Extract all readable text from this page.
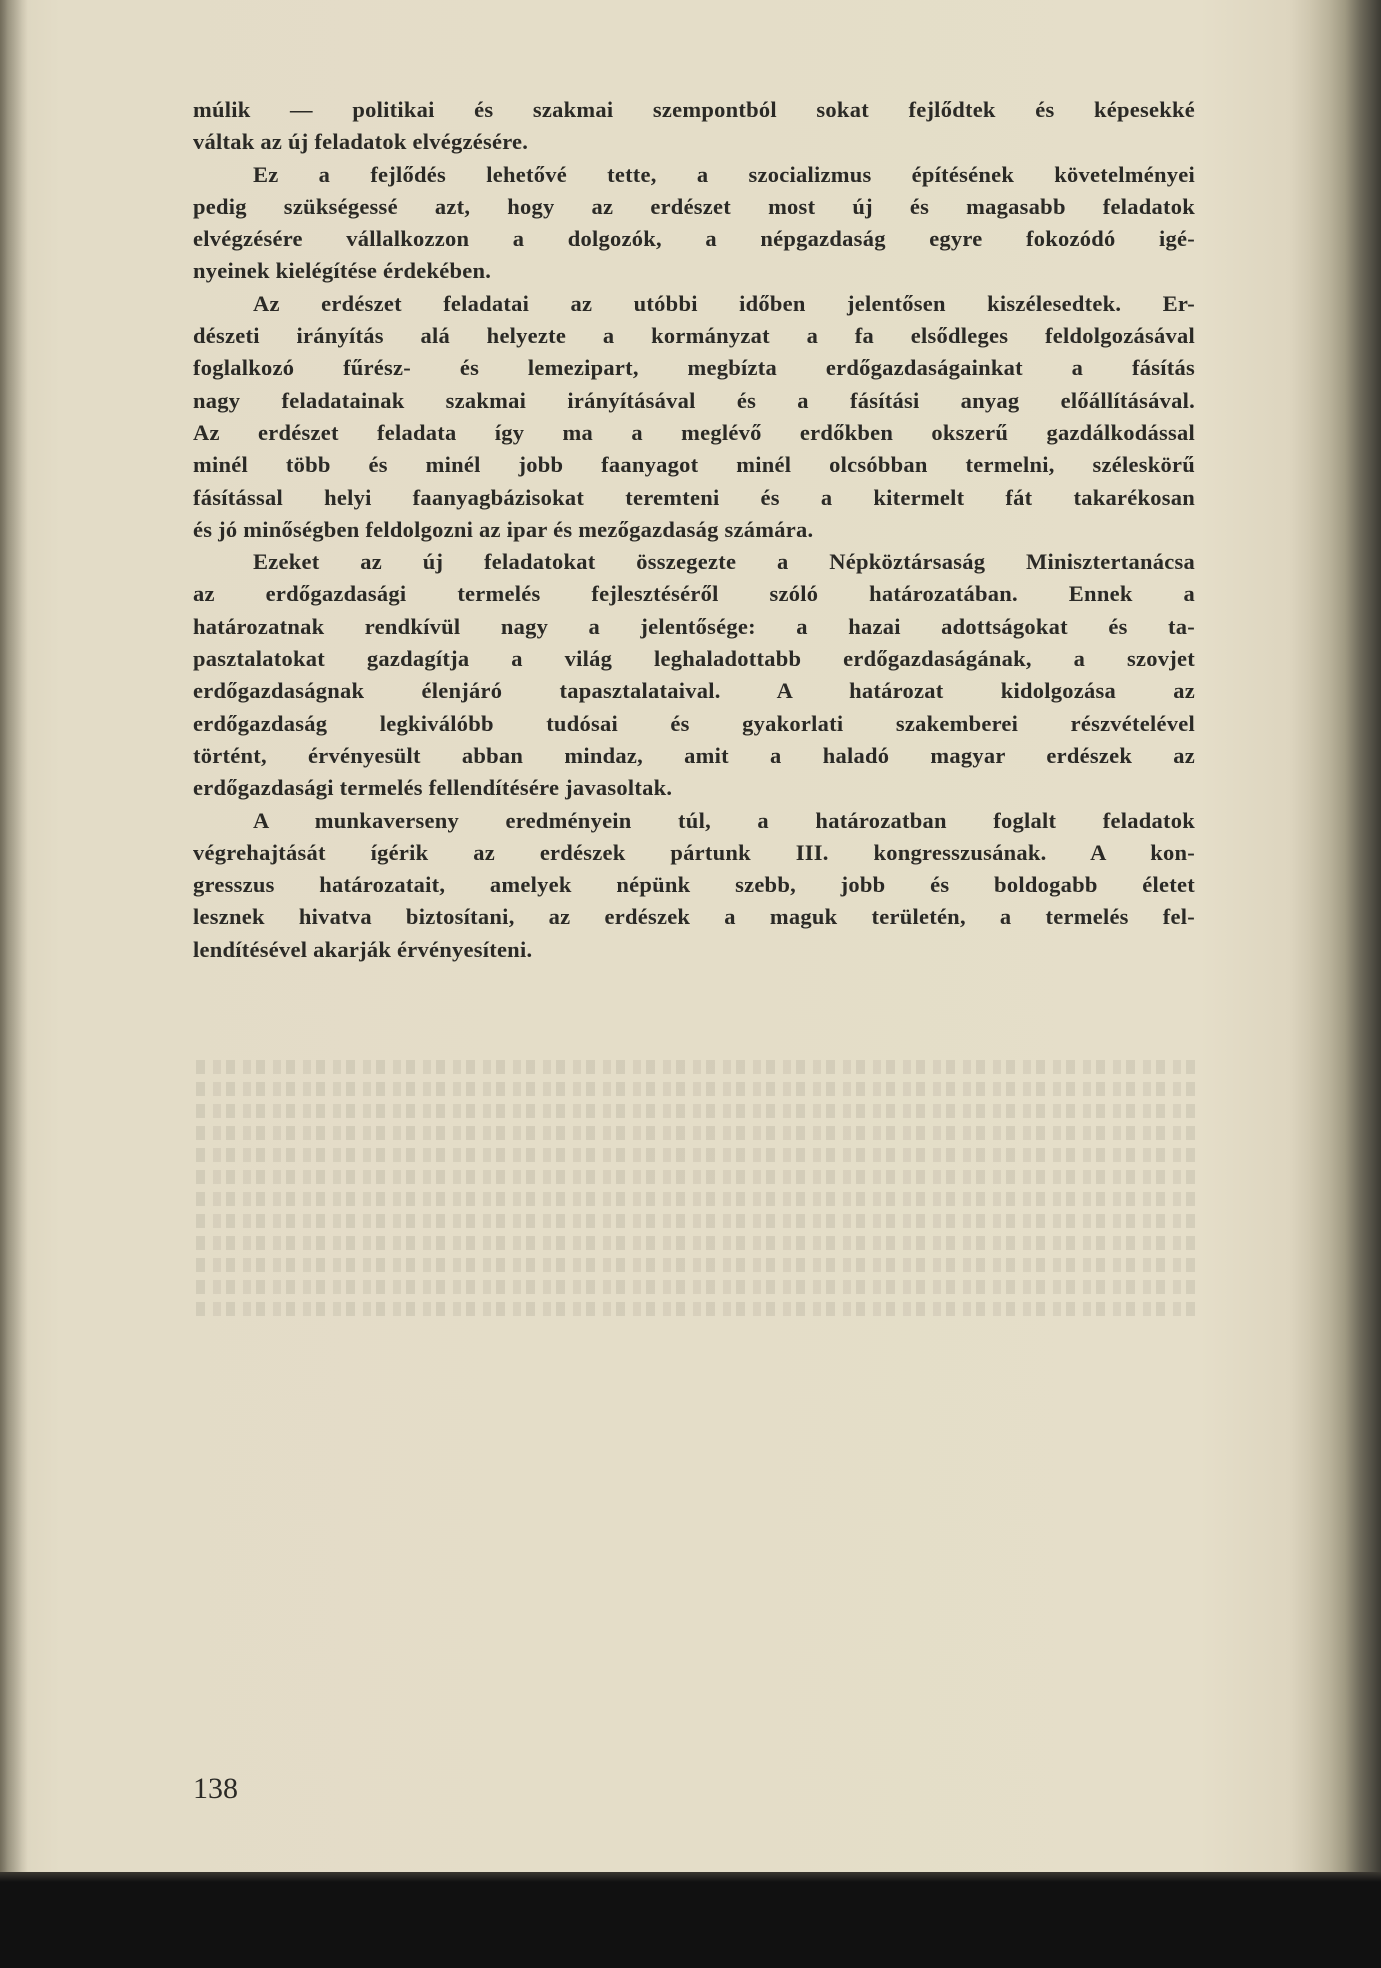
múlik — politikai és szakmai szempontból sokat fejlődtek és képesekké
váltak az új feladatok elvégzésére.
Ez a fejlődés lehetővé tette, a szocializmus építésének követelményei
pedig szükségessé azt, hogy az erdészet most új és magasabb feladatok
elvégzésére vállalkozzon a dolgozók, a népgazdaság egyre fokozódó igé-
nyeinek kielégítése érdekében.
Az erdészet feladatai az utóbbi időben jelentősen kiszélesedtek. Er-
dészeti irányítás alá helyezte a kormányzat a fa elsődleges feldolgozásával
foglalkozó fűrész- és lemezipart, megbízta erdőgazdaságainkat a fásítás
nagy feladatainak szakmai irányításával és a fásítási anyag előállításával.
Az erdészet feladata így ma a meglévő erdőkben okszerű gazdálkodással
minél több és minél jobb faanyagot minél olcsóbban termelni, széleskörű
fásítással helyi faanyagbázisokat teremteni és a kitermelt fát takarékosan
és jó minőségben feldolgozni az ipar és mezőgazdaság számára.
Ezeket az új feladatokat összegezte a Népköztársaság Minisztertanácsa
az erdőgazdasági termelés fejlesztéséről szóló határozatában. Ennek a
határozatnak rendkívül nagy a jelentősége: a hazai adottságokat és ta-
pasztalatokat gazdagítja a világ leghaladottabb erdőgazdaságának, a szovjet
erdőgazdaságnak élenjáró tapasztalataival. A határozat kidolgozása az
erdőgazdaság legkiválóbb tudósai és gyakorlati szakemberei részvételével
történt, érvényesült abban mindaz, amit a haladó magyar erdészek az
erdőgazdasági termelés fellendítésére javasoltak.
A munkaverseny eredményein túl, a határozatban foglalt feladatok
végrehajtását ígérik az erdészek pártunk III. kongresszusának. A kon-
gresszus határozatait, amelyek népünk szebb, jobb és boldogabb életet
lesznek hivatva biztosítani, az erdészek a maguk területén, a termelés fel-
lendítésével akarják érvényesíteni.
138
